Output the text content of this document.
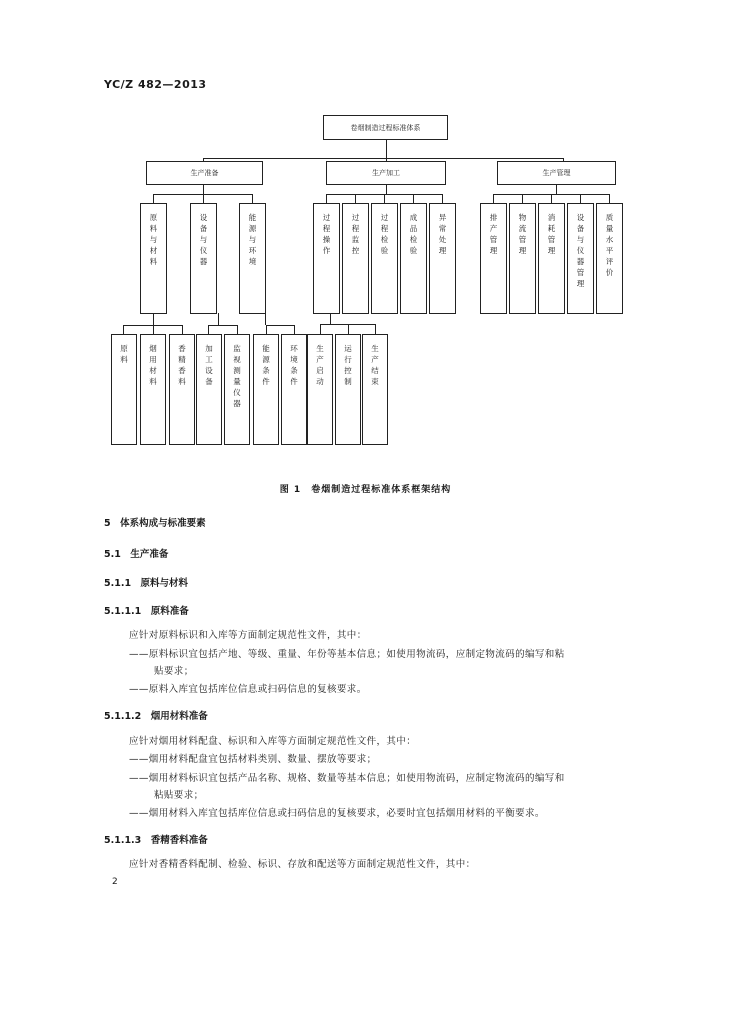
YC/Z 482—2013
卷烟制造过程标准体系
生产准备	生产加工	生产管理
原料与材料
设备与仪器
能源与环境
过程操作
过程监控
过程检验
成品检验
异常处理
排产管理
物流管理
消耗管理
设备与仪器管理
质量水平评价
原料
烟用材料
香精香料
加工设备
监视测量仪器
能源条件
环境条件
生产启动
运行控制
生产结束
图 1　卷烟制造过程标准体系框架结构
5　体系构成与标准要素
5.1　生产准备
5.1.1　原料与材料
5.1.1.1　原料准备
应针对原料标识和入库等方面制定规范性文件，其中：
——原料标识宜包括产地、等级、重量、年份等基本信息；如使用物流码，应制定物流码的编写和粘
贴要求；
——原料入库宜包括库位信息或扫码信息的复核要求。
5.1.1.2　烟用材料准备
应针对烟用材料配盘、标识和入库等方面制定规范性文件，其中：
——烟用材料配盘宜包括材料类别、数量、摆放等要求；
——烟用材料标识宜包括产品名称、规格、数量等基本信息；如使用物流码，应制定物流码的编写和
粘贴要求；
——烟用材料入库宜包括库位信息或扫码信息的复核要求，必要时宜包括烟用材料的平衡要求。
5.1.1.3　香精香料准备
应针对香精香料配制、检验、标识、存放和配送等方面制定规范性文件，其中：
2
